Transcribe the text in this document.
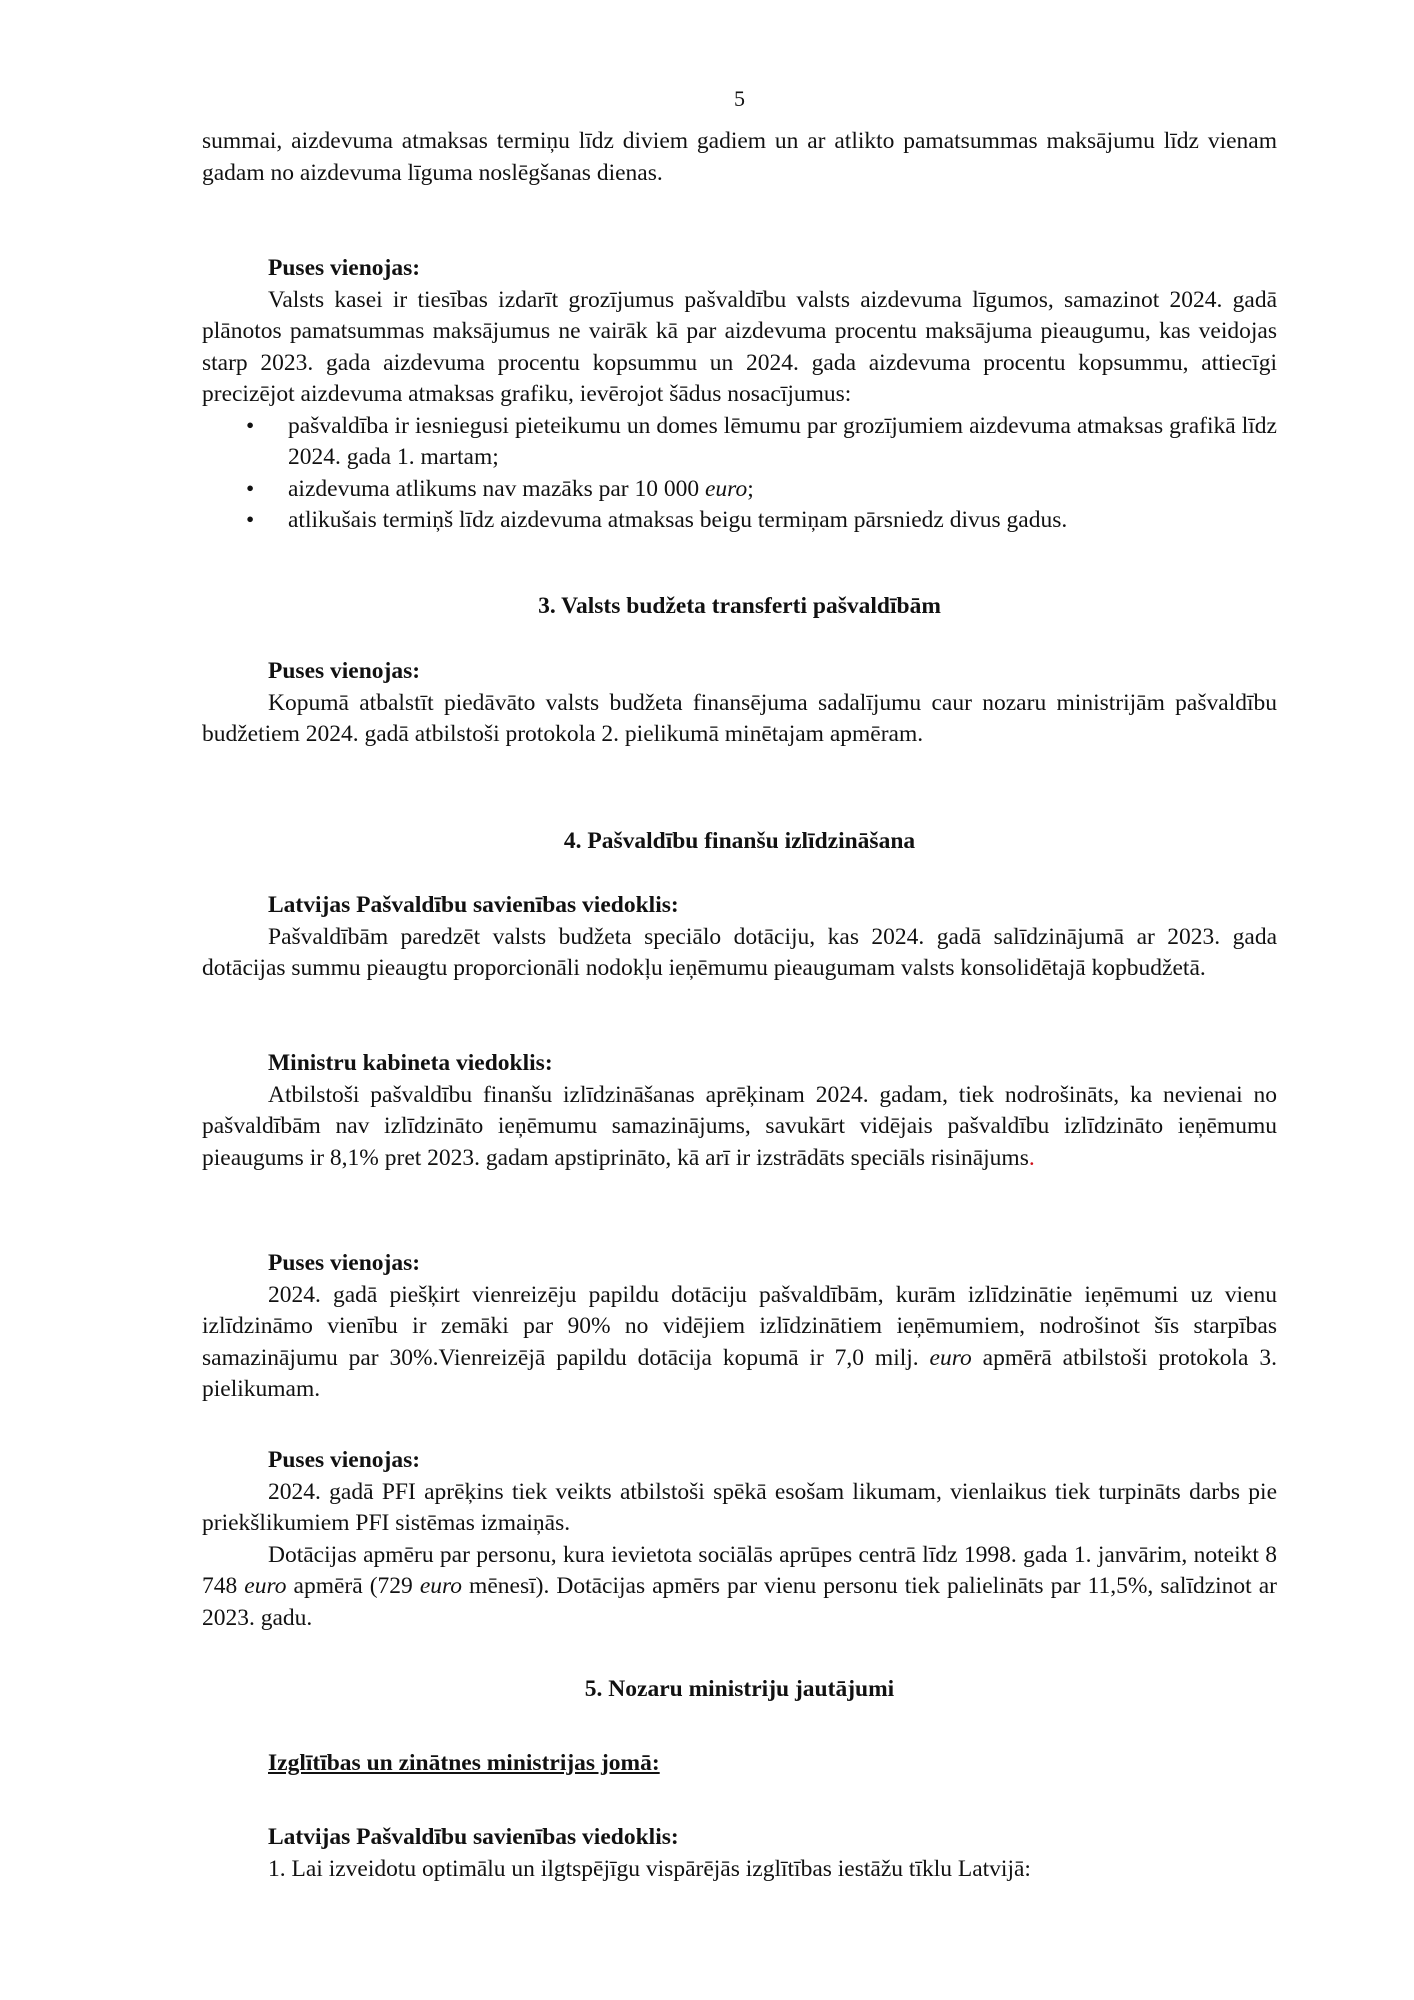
5

summai, aizdevuma atmaksas termiņu līdz diviem gadiem un ar atlikto pamatsummas maksājumu līdz vienam gadam no aizdevuma līguma noslēgšanas dienas.

Puses vienojas:

Valsts kasei ir tiesības izdarīt grozījumus pašvaldību valsts aizdevuma līgumos, samazinot 2024. gadā plānotos pamatsummas maksājumus ne vairāk kā par aizdevuma procentu maksājuma pieaugumu, kas veidojas starp 2023. gada aizdevuma procentu kopsummu un 2024. gada aizdevuma procentu kopsummu, attiecīgi precizējot aizdevuma atmaksas grafiku, ievērojot šādus nosacījumus:

• pašvaldība ir iesniegusi pieteikumu un domes lēmumu par grozījumiem aizdevuma atmaksas grafikā līdz 2024. gada 1. martam;
• aizdevuma atlikums nav mazāks par 10 000 euro;
• atlikušais termiņš līdz aizdevuma atmaksas beigu termiņam pārsniedz divus gadus.

3. Valsts budžeta transferti pašvaldībām

Puses vienojas:

Kopumā atbalstīt piedāvāto valsts budžeta finansējuma sadalījumu caur nozaru ministrijām pašvaldību budžetiem 2024. gadā atbilstoši protokola 2. pielikumā minētajam apmēram.

4. Pašvaldību finanšu izlīdzināšana

Latvijas Pašvaldību savienības viedoklis:

Pašvaldībām paredzēt valsts budžeta speciālo dotāciju, kas 2024. gadā salīdzinājumā ar 2023. gada dotācijas summu pieaugtu proporcionāli nodokļu ieņēmumu pieaugumam valsts konsolidētajā kopbudžetā.

Ministru kabineta viedoklis:

Atbilstoši pašvaldību finanšu izlīdzināšanas aprēķinam 2024. gadam, tiek nodrošināts, ka nevienai no pašvaldībām nav izlīdzināto ieņēmumu samazinājums, savukārt vidējais pašvaldību izlīdzināto ieņēmumu pieaugums ir 8,1% pret 2023. gadam apstiprināto, kā arī ir izstrādāts speciāls risinājums.

Puses vienojas:

2024. gadā piešķirt vienreizēju papildu dotāciju pašvaldībām, kurām izlīdzinātie ieņēmumi uz vienu izlīdzināmo vienību ir zemāki par 90% no vidējiem izlīdzinātiem ieņēmumiem, nodrošinot šīs starpības samazinājumu par 30%.Vienreizējā papildu dotācija kopumā ir 7,0 milj. euro apmērā atbilstoši protokola 3. pielikumam.

Puses vienojas:

2024. gadā PFI aprēķins tiek veikts atbilstoši spēkā esošam likumam, vienlaikus tiek turpināts darbs pie priekšlikumiem PFI sistēmas izmaiņās.

Dotācijas apmēru par personu, kura ievietota sociālās aprūpes centrā līdz 1998. gada 1. janvārim, noteikt 8 748 euro apmērā (729 euro mēnesī). Dotācijas apmērs par vienu personu tiek palielināts par 11,5%, salīdzinot ar 2023. gadu.

5. Nozaru ministriju jautājumi

Izglītības un zinātnes ministrijas jomā:

Latvijas Pašvaldību savienības viedoklis:

1. Lai izveidotu optimālu un ilgtspējīgu vispārējās izglītības iestāžu tīklu Latvijā:
